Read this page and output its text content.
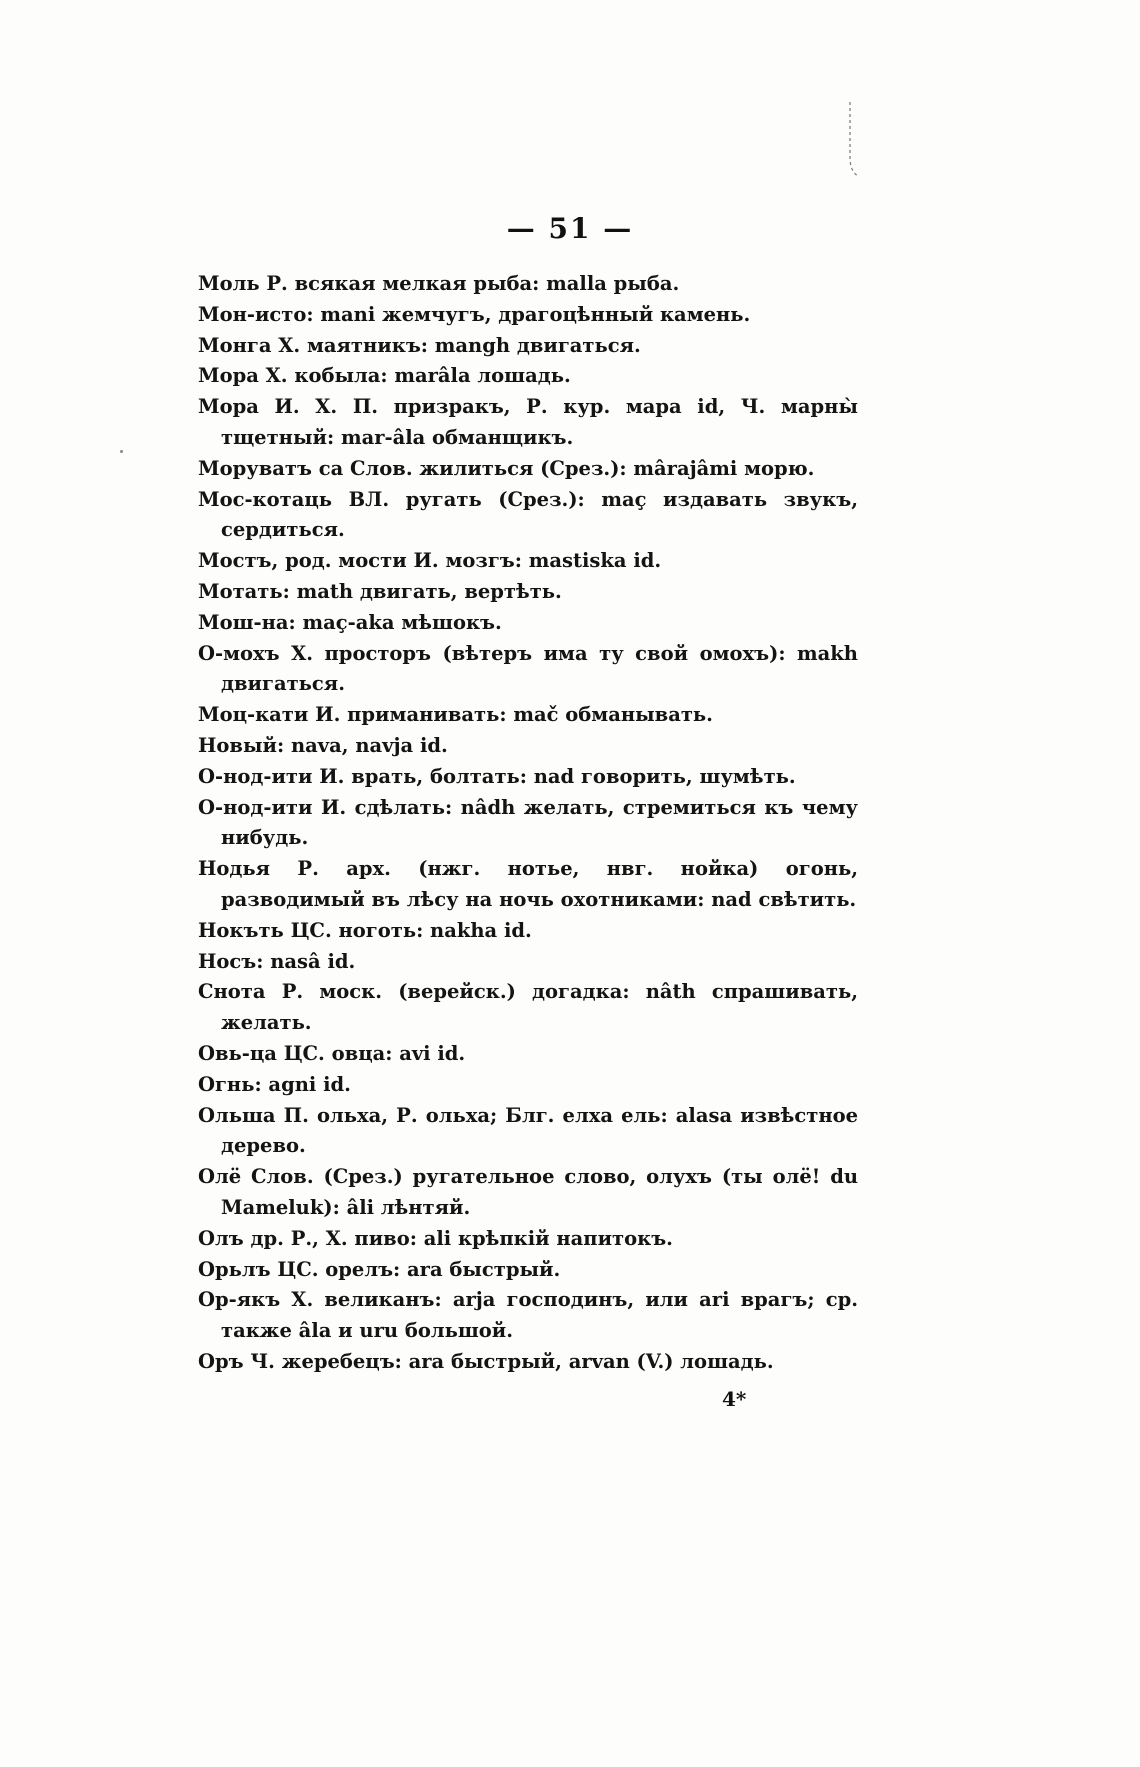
— 51 —
Моль Р. всякая мелкая рыба: malla рыба.
Мон-исто: mani жемчугъ, драгоцѣнный камень.
Монга Х. маятникъ: mangh двигаться.
Мора Х. кобыла: marâla лошадь.
Мора И. Х. П. призракъ, Р. кур. мара id, Ч. марны̀ тщетный: mar-âla обманщикъ.
Моруватъ са Слов. жилиться (Срез.): mârajâmi морю.
Мос-котаць ВЛ. ругать (Срез.): maç издавать звукъ, сердиться.
Мостъ, род. мости И. мозгъ: mastiska id.
Мотать: math двигать, вертѣть.
Мош-на: maç-aka мѣшокъ.
О-мохъ Х. просторъ (вѣтеръ има ту свой омохъ): makh двигаться.
Моц-кати И. приманивать: mač обманывать.
Новый: nava, navja id.
О-нод-ити И. врать, болтать: nad говорить, шумѣть.
О-нод-ити И. сдѣлать: nâdh желать, стремиться къ чему нибудь.
Нодья Р. арх. (нжг. нотье, нвг. нойка) огонь, разводимый въ лѣсу на ночь охотниками: nad свѣтить.
Нокъть ЦС. ноготь: nakha id.
Носъ: nasâ id.
Снота Р. моск. (верейск.) догадка: nâth спрашивать, желать.
Овь-ца ЦС. овца: avi id.
Огнь: agni id.
Ольша П. ольха, Р. ольха; Блг. елха ель: alasa извѣстное дерево.
Олё Слов. (Срез.) ругательное слово, олухъ (ты олё! du Mameluk): âli лѣнтяй.
Олъ др. Р., Х. пиво: ali крѣпкій напитокъ.
Орьлъ ЦС. орелъ: ara быстрый.
Ор-якъ Х. великанъ: arja господинъ, или ari врагъ; ср. также âla и uru большой.
Оръ Ч. жеребецъ: ara быстрый, arvan (V.) лошадь.
4*
